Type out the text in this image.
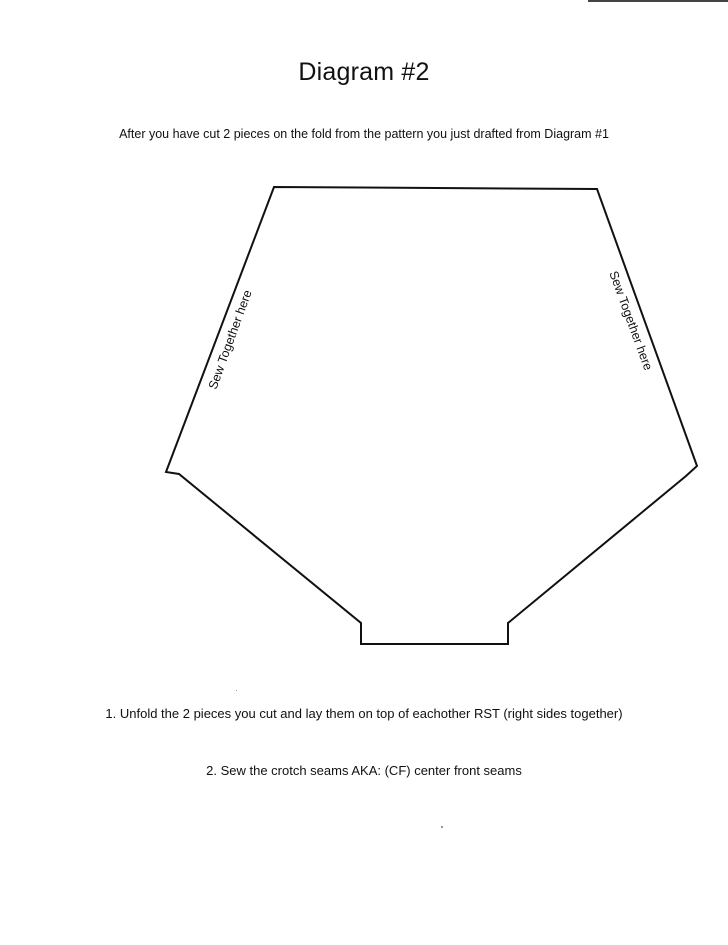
Diagram #2
After you have cut 2 pieces on the fold from the pattern you just drafted from Diagram #1
Sew Together here	Sew Together here
1. Unfold the 2 pieces you cut and lay them on top of eachother RST (right sides together)
2. Sew the crotch seams AKA: (CF) center front seams
